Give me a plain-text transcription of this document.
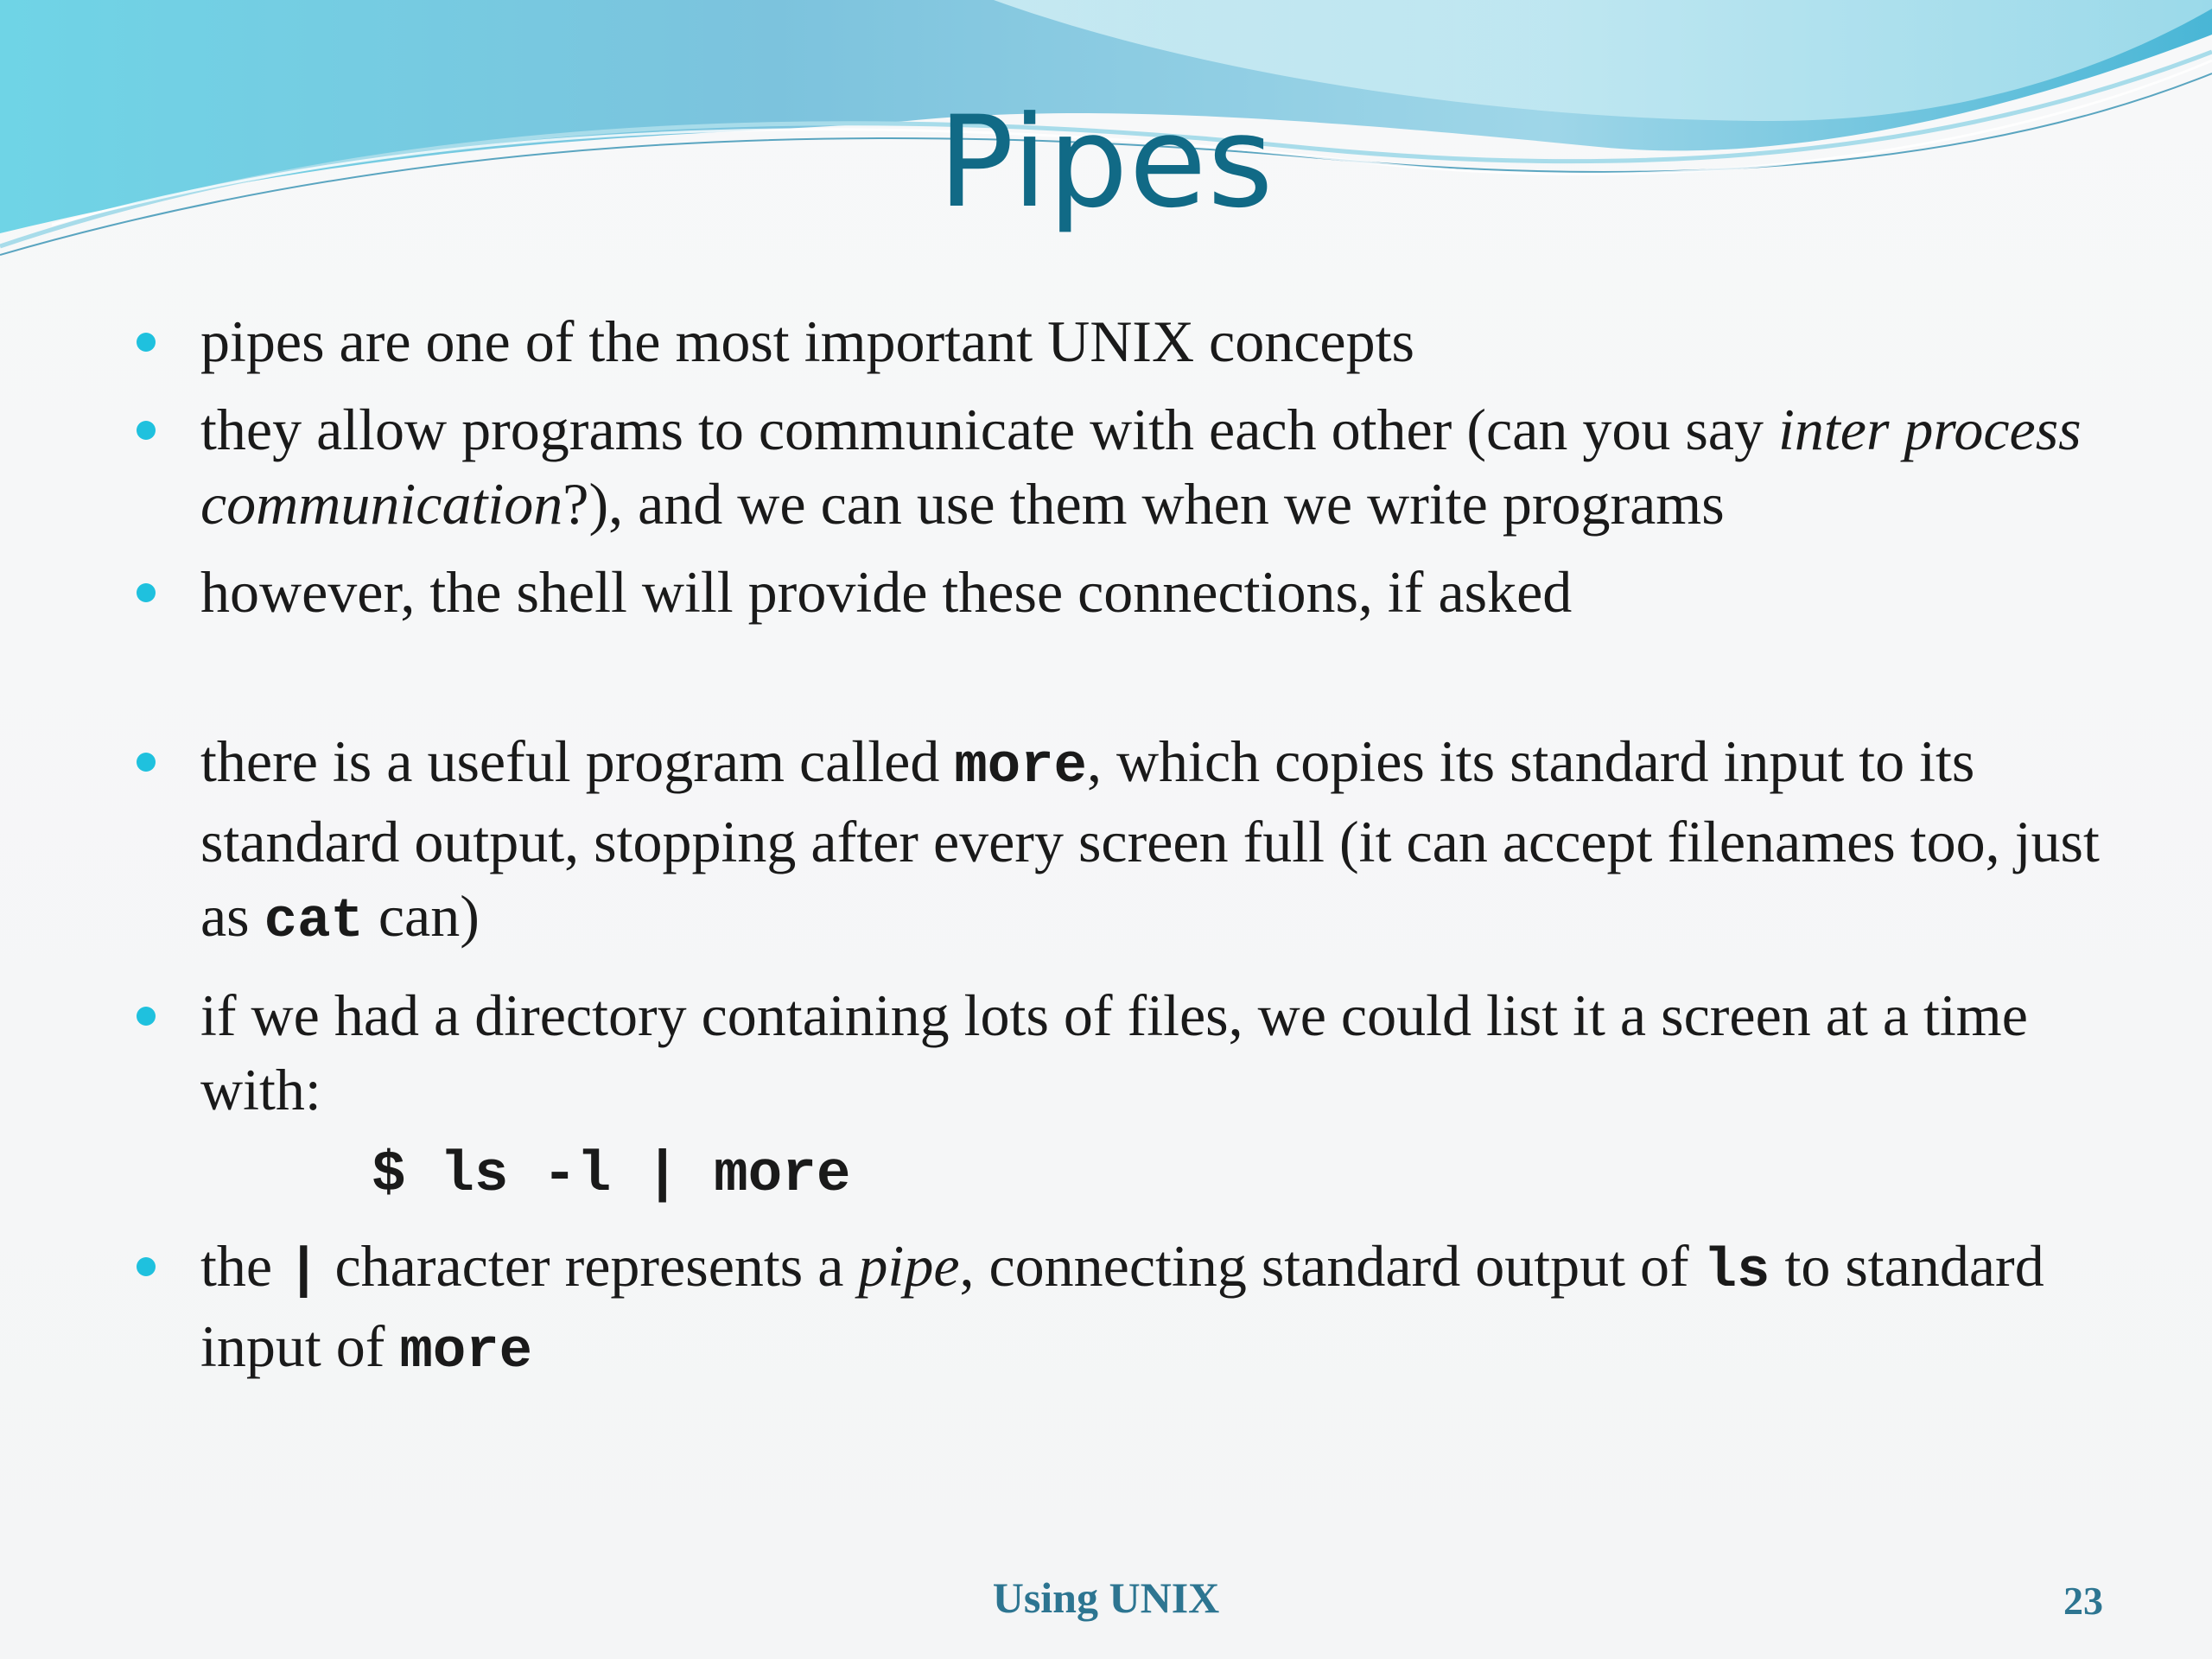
Pipes
pipes are one of the most important UNIX concepts
they allow programs to communicate with each other (can you say inter process communication?), and we can use them when we write programs
however, the shell will provide these connections, if asked
there is a useful program called more, which copies its standard input to its standard output, stopping after every screen full (it can accept filenames too, just as cat can)
if we had a directory containing lots of files, we could list it a screen at a time with:
$ ls -l | more
the | character represents a pipe, connecting standard output of ls to standard input of more
Using UNIX	23
